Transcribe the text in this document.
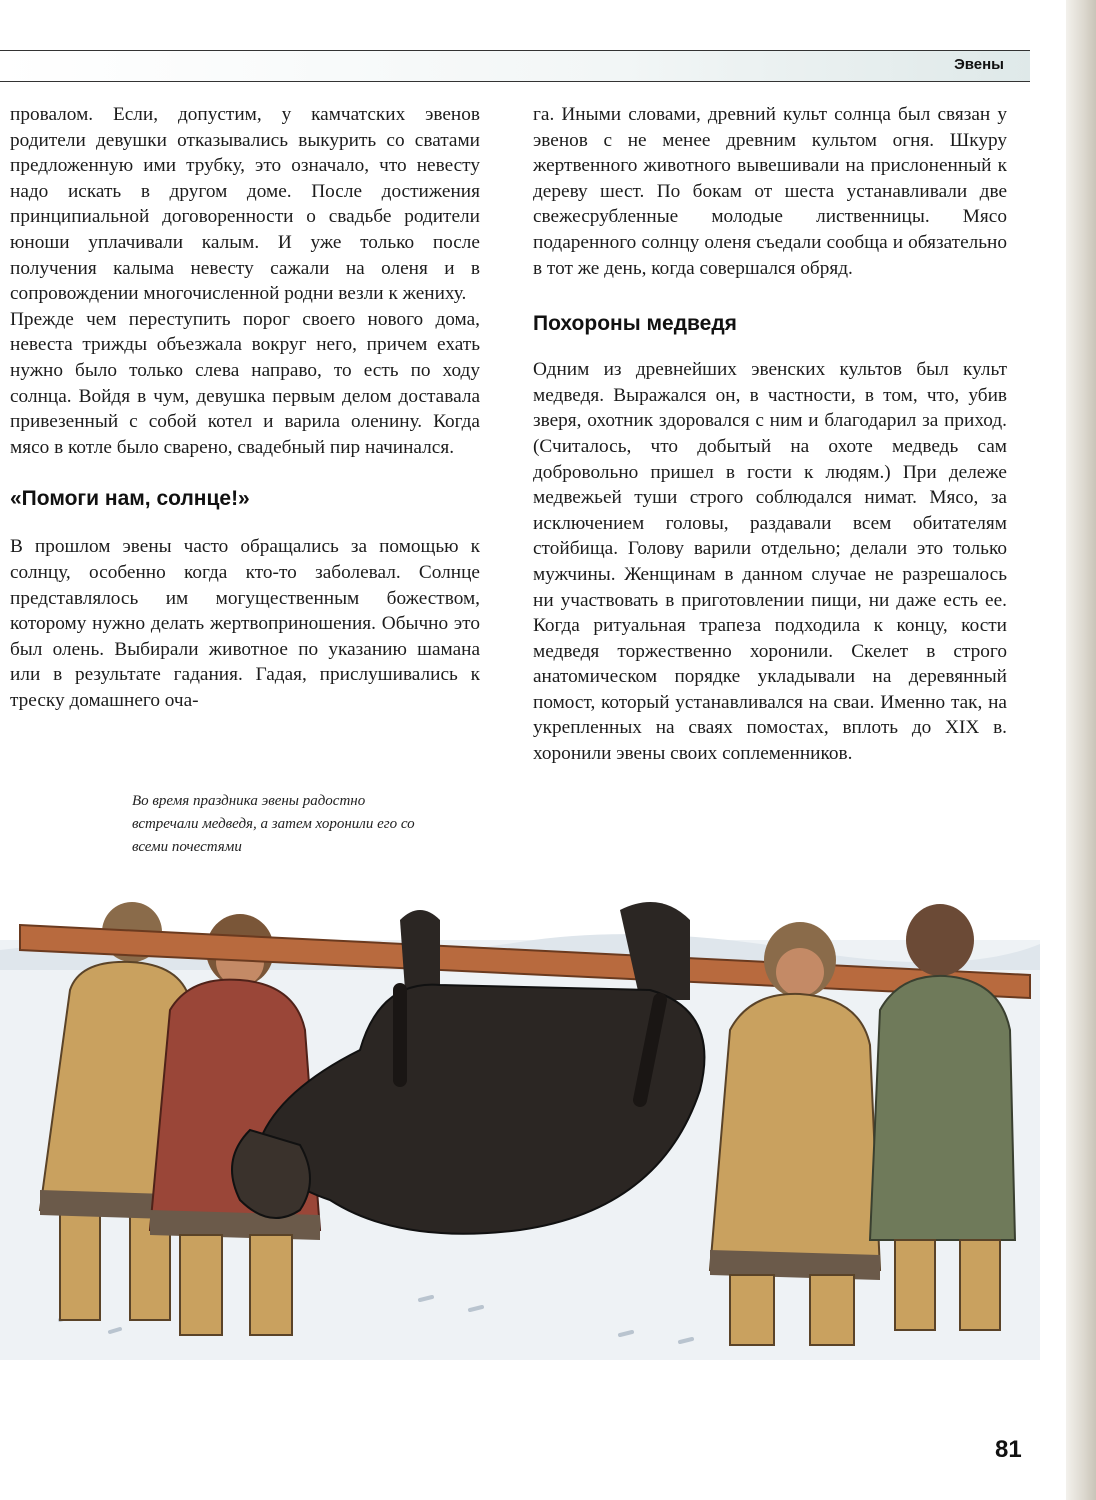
Эвены

провалом. Если, допустим, у камчатских эвенов родители девушки отказывались выкурить со сватами предложенную ими трубку, это означало, что невесту надо искать в другом доме. После достижения принципиальной договоренности о свадьбе родители юноши уплачивали калым. И уже только после получения калыма невесту сажали на оленя и в сопровождении многочисленной родни везли к жениху.

Прежде чем переступить порог своего нового дома, невеста трижды объезжала вокруг него, причем ехать нужно было только слева направо, то есть по ходу солнца. Войдя в чум, девушка первым делом доставала привезенный с собой котел и варила оленину. Когда мясо в котле было сварено, свадебный пир начинался.

«Помоги нам, солнце!»

В прошлом эвены часто обращались за помощью к солнцу, особенно когда кто-то заболевал. Солнце представлялось им могущественным божеством, которому нужно делать жертвоприношения. Обычно это был олень. Выбирали животное по указанию шамана или в результате гадания. Гадая, прислушивались к треску домашнего оча-

га. Иными словами, древний культ солнца был связан у эвенов с не менее древним культом огня. Шкуру жертвенного животного вывешивали на прислоненный к дереву шест. По бокам от шеста устанавливали две свежесрубленные молодые лиственницы. Мясо подаренного солнцу оленя съедали сообща и обязательно в тот же день, когда совершался обряд.

Похороны медведя

Одним из древнейших эвенских культов был культ медведя. Выражался он, в частности, в том, что, убив зверя, охотник здоровался с ним и благодарил за приход. (Считалось, что добытый на охоте медведь сам добровольно пришел в гости к людям.) При дележе медвежьей туши строго соблюдался нимат. Мясо, за исключением головы, раздавали всем обитателям стойбища. Голову варили отдельно; делали это только мужчины. Женщинам в данном случае не разрешалось ни участвовать в приготовлении пищи, ни даже есть ее. Когда ритуальная трапеза подходила к концу, кости медведя торжественно хоронили. Скелет в строго анатомическом порядке укладывали на деревянный помост, который устанавливался на сваи. Именно так, на укрепленных на сваях помостах, вплоть до XIX в. хоронили эвены своих соплеменников.

Во время праздника эвены радостно встречали медведя, а затем хоронили его со всеми почестями
81
